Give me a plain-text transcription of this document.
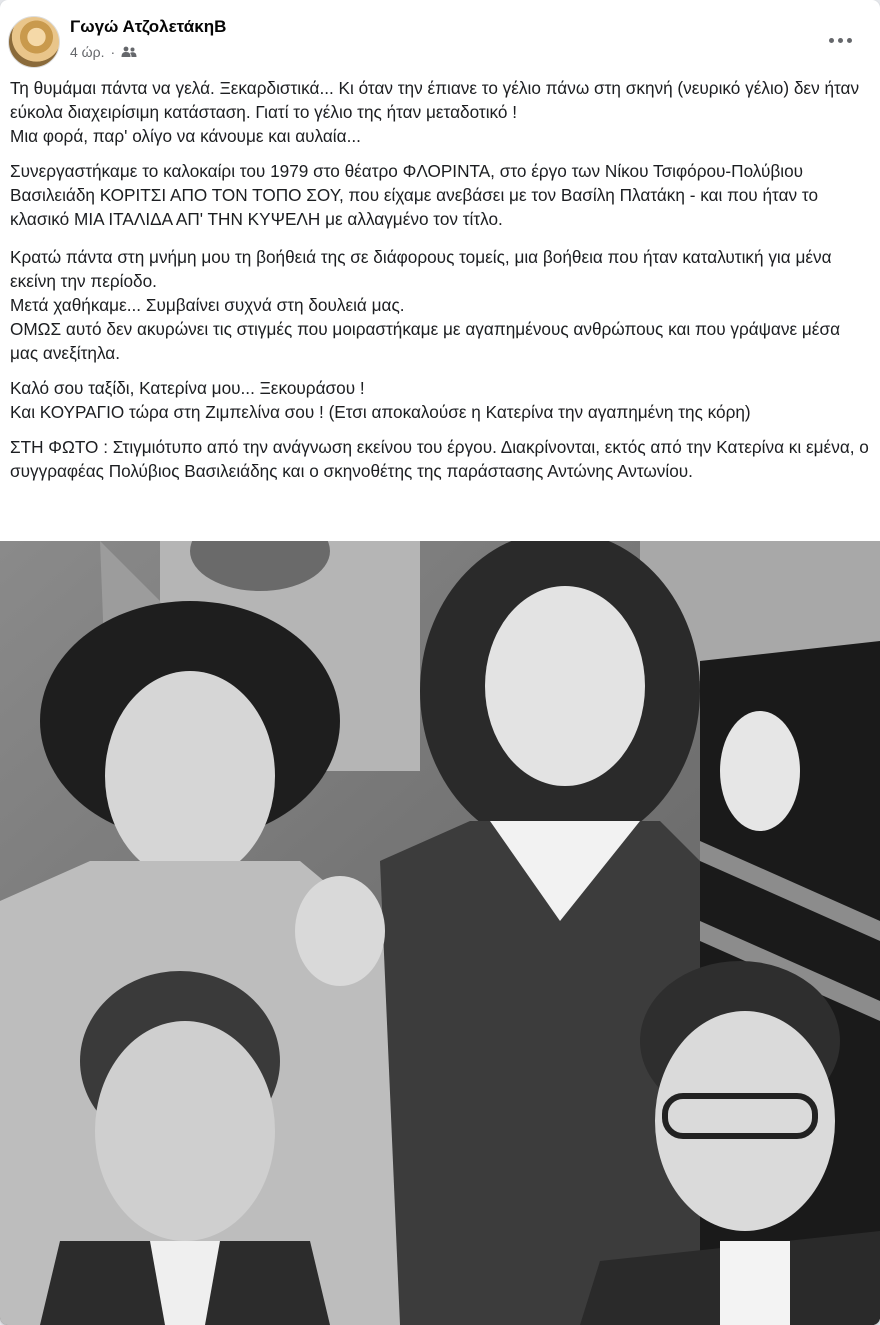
Γωγώ ΑτζολετάκηΒ
4 ώρ. ·

Τη θυμάμαι πάντα να γελά. Ξεκαρδιστικά... Κι όταν την έπιανε το γέλιο πάνω στη σκηνή (νευρικό γέλιο) δεν ήταν εύκολα διαχειρίσιμη κατάσταση. Γιατί το γέλιο της ήταν μεταδοτικό !
Μια φορά, παρ' ολίγο να κάνουμε και αυλαία...

Συνεργαστήκαμε το καλοκαίρι του 1979 στο θέατρο ΦΛΟΡΙΝΤΑ, στο έργο των Νίκου Τσιφόρου-Πολύβιου Βασιλειάδη ΚΟΡΙΤΣΙ ΑΠΟ ΤΟΝ ΤΟΠΟ ΣΟΥ, που είχαμε ανεβάσει με τον Βασίλη Πλατάκη - και που ήταν το κλασικό ΜΙΑ ΙΤΑΛΙΔΑ ΑΠ' ΤΗΝ ΚΥΨΕΛΗ με αλλαγμένο τον τίτλο.

Κρατώ πάντα στη μνήμη μου τη βοήθειά της σε διάφορους τομείς, μια βοήθεια που ήταν καταλυτική για μένα εκείνη την περίοδο.
Μετά χαθήκαμε... Συμβαίνει συχνά στη δουλειά μας.
ΟΜΩΣ αυτό δεν ακυρώνει τις στιγμές που μοιραστήκαμε με αγαπημένους ανθρώπους και που γράψανε μέσα μας ανεξίτηλα.

Καλό σου ταξίδι, Κατερίνα μου... Ξεκουράσου !
Και ΚΟΥΡΑΓΙΟ τώρα στη Ζιμπελίνα σου ! (Ετσι αποκαλούσε η Κατερίνα την αγαπημένη της κόρη)

ΣΤΗ ΦΩΤΟ : Στιγμιότυπο από την ανάγνωση εκείνου του έργου. Διακρίνονται, εκτός από την Κατερίνα κι εμένα, ο συγγραφέας Πολύβιος Βασιλειάδης και ο σκηνοθέτης της παράστασης Αντώνης Αντωνίου.
